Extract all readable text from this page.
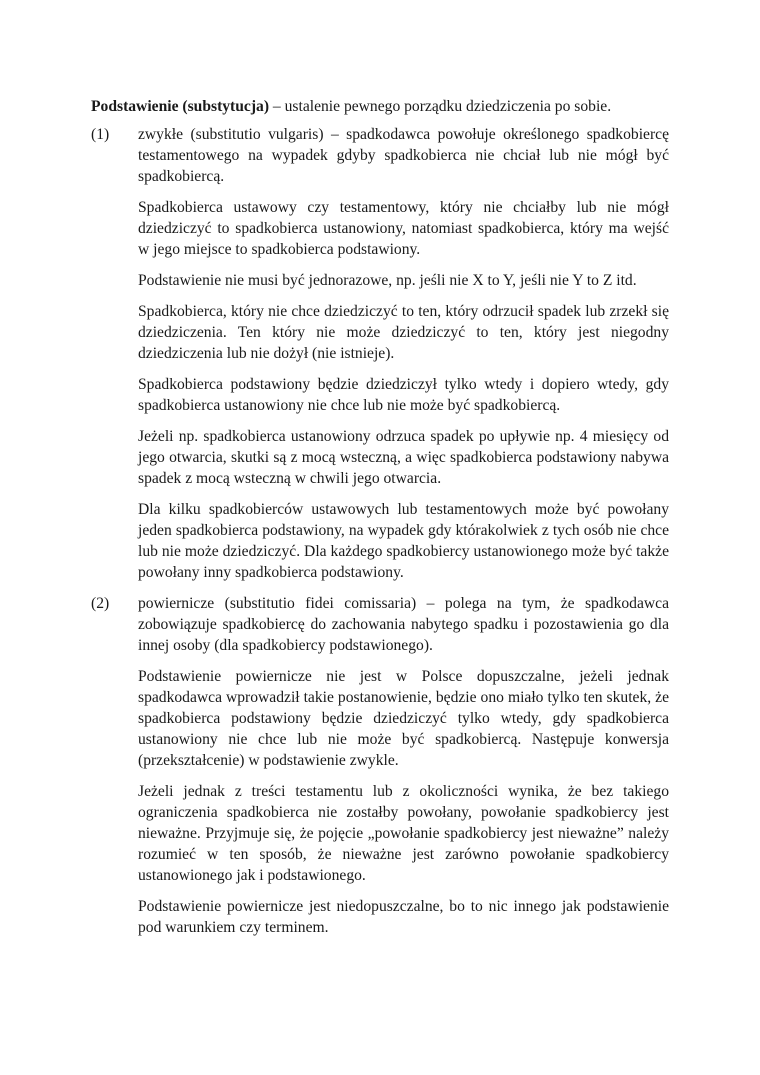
Podstawienie (substytucja) – ustalenie pewnego porządku dziedziczenia po sobie.

(1)	zwykłe (substitutio vulgaris) – spadkodawca powołuje określonego spadkobiercę testamentowego na wypadek gdyby spadkobierca nie chciał lub nie mógł być spadkobiercą.

Spadkobierca ustawowy czy testamentowy, który nie chciałby lub nie mógł dziedziczyć to spadkobierca ustanowiony, natomiast spadkobierca, który ma wejść w jego miejsce to spadkobierca podstawiony.

Podstawienie nie musi być jednorazowe, np. jeśli nie X to Y, jeśli nie Y to Z itd.

Spadkobierca, który nie chce dziedziczyć to ten, który odrzucił spadek lub zrzekł się dziedziczenia. Ten który nie może dziedziczyć to ten, który jest niegodny dziedziczenia lub nie dożył (nie istnieje).

Spadkobierca podstawiony będzie dziedziczył tylko wtedy i dopiero wtedy, gdy spadkobierca ustanowiony nie chce lub nie może być spadkobiercą.

Jeżeli np. spadkobierca ustanowiony odrzuca spadek po upływie np. 4 miesięcy od jego otwarcia, skutki są z mocą wsteczną, a więc spadkobierca podstawiony nabywa spadek z mocą wsteczną w chwili jego otwarcia.

Dla kilku spadkobierców ustawowych lub testamentowych może być powołany jeden spadkobierca podstawiony, na wypadek gdy którakolwiek z tych osób nie chce lub nie może dziedziczyć. Dla każdego spadkobiercy ustanowionego może być także powołany inny spadkobierca podstawiony.

(2)	powiernicze (substitutio fidei comissaria) – polega na tym, że spadkodawca zobowiązuje spadkobiercę do zachowania nabytego spadku i pozostawienia go dla innej osoby (dla spadkobiercy podstawionego).

Podstawienie powiernicze nie jest w Polsce dopuszczalne, jeżeli jednak spadkodawca wprowadził takie postanowienie, będzie ono miało tylko ten skutek, że spadkobierca podstawiony będzie dziedziczyć tylko wtedy, gdy spadkobierca ustanowiony nie chce lub nie może być spadkobiercą. Następuje konwersja (przekształcenie) w podstawienie zwykle.

Jeżeli jednak z treści testamentu lub z okoliczności wynika, że bez takiego ograniczenia spadkobierca nie zostałby powołany, powołanie spadkobiercy jest nieważne. Przyjmuje się, że pojęcie „powołanie spadkobiercy jest nieważne” należy rozumieć w ten sposób, że nieważne jest zarówno powołanie spadkobiercy ustanowionego jak i podstawionego.

Podstawienie powiernicze jest niedopuszczalne, bo to nic innego jak podstawienie pod warunkiem czy terminem.
